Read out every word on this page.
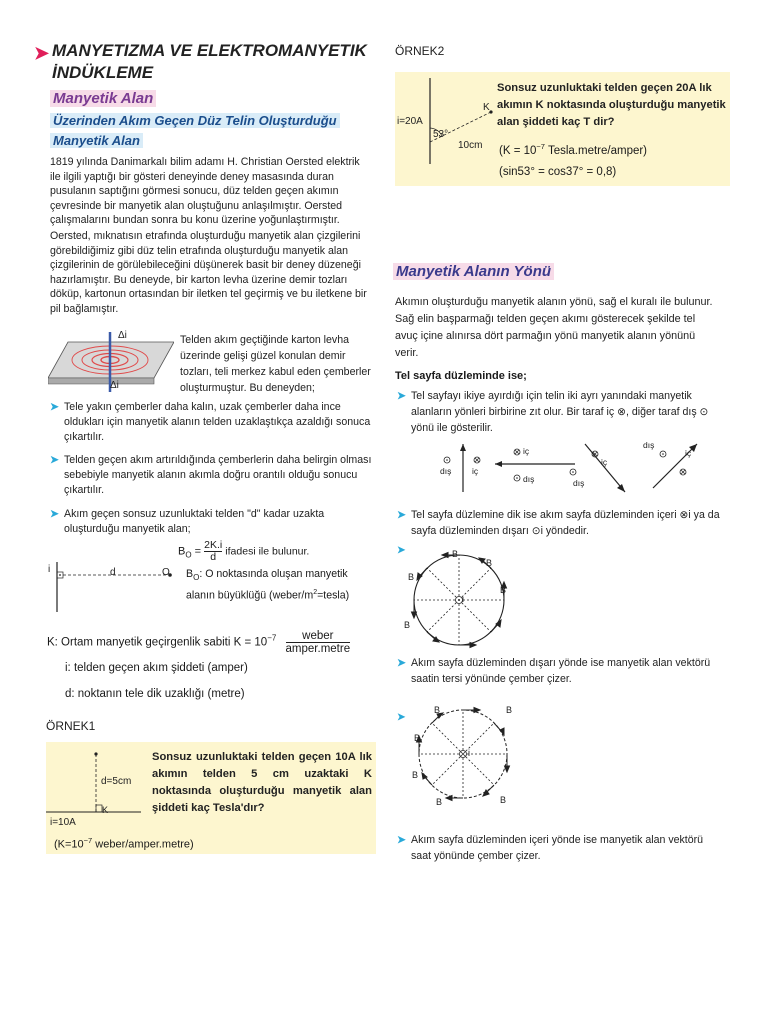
➤ MANYETIZMA VE ELEKTROMANYETIK İNDÜKLEME
Manyetik Alan
Üzerinden Akım Geçen Düz Telin Oluşturduğu
Manyetik Alan
1819 yılında Danimarkalı bilim adamı H. Christian Oersted elektrik ile ilgili yaptığı bir gösteri deneyinde deney masasında duran pusulanın saptığını görmesi sonucu, düz telden geçen akımın çevresinde bir manyetik alan oluştuğunu anlaşılmıştır. Oersted çalışmalarını bundan sonra bu konu üzerine yoğunlaştırmıştır.
Oersted, mıknatısın etrafında oluşturduğu manyetik alan çizgilerini görebildiğimiz gibi düz telin etrafında oluşturduğu manyetik alan çizgilerinin de görülebileceğini düşünerek basit bir deney düzeneği hazırlamıştır. Bu deneyde, bir karton levha üzerine demir tozları döküp, kartonun ortasından bir iletken tel geçirmiş ve bu iletkene bir pil bağlamıştır.
Δi
Δi
Telden akım geçtiğinde karton levha üzerinde gelişi güzel konulan demir tozları, teli merkez kabul eden çemberler oluşturmuştur. Bu deneyden;
➤ Tele yakın çemberler daha kalın, uzak çemberler daha ince oldukları için manyetik alanın telden uzaklaştıkça azaldığı sonuca çıkartılır.
➤ Telden geçen akım artırıldığında çemberlerin daha belirgin olması sebebiyle manyetik alanın akımla doğru orantılı olduğu sonucu çıkartılır.
➤ Akım geçen sonsuz uzunluktaki telden "d" kadar uzakta oluşturduğu manyetik alan;
$B_O = \frac{2K.i}{d}$ ifadesi ile bulunur.
i	d	O $B_O$: O noktasında oluşan manyetik
alanın büyüklüğü $(weber/m^2=tesla)$
K: Ortam manyetik geçirgenlik sabiti $K = 10^{-7}$	weber
amper.metre
i: telden geçen akım şiddeti (amper)
d: noktanın tele dik uzaklığı (metre)
ÖRNEK1
d=5cm
K
i=10A
Sonsuz uzunluktaki telden geçen 10A lık akımın telden 5 cm uzaktaki K noktasında oluşturduğu manyetik alan şiddeti kaç Tesla'dır?
($K=10^{-7}$ weber/amper.metre)
ÖRNEK2
i=20A
K
53°
10cm
Sonsuz uzunluktaki telden geçen 20A lık akımın K noktasında oluşturduğu manyetik alan şiddeti kaç T dir?
($K = 10^{-7}$ Tesla.metre/amper)
(sin53° = cos37° = 0,8)
Manyetik Alanın Yönü
Akımın oluşturduğu manyetik alanın yönü, sağ el kuralı ile bulunur. Sağ elin başparmağı telden geçen akımı gösterecek şekilde tel avuç içine alınırsa dört parmağın yönü manyetik alanın yönünü verir.
Tel sayfa düzleminde ise;
➤ Tel sayfayı ikiye ayırdığı için telin iki ayrı yanındaki manyetik alanların yönleri birbirine zıt olur. Bir taraf iç ⊗, diğer taraf dış ⊙ yönü ile gösterilir.
dış iç
iç
dış
iç
dış
dış
iç
➤ Tel sayfa düzlemine dik ise akım sayfa düzleminden içeri ⊗i ya da sayfa düzleminden dışarı ⊙i yöndedir.
➤	B
B
B
B
B
i
➤ Akım sayfa düzleminden dışarı yönde ise manyetik alan vektörü saatin tersi yönünde çember çizer.
➤
B	B
B
B
B	B
i
➤ Akım sayfa düzleminden içeri yönde ise manyetik alan vektörü saat yönünde çember çizer.
